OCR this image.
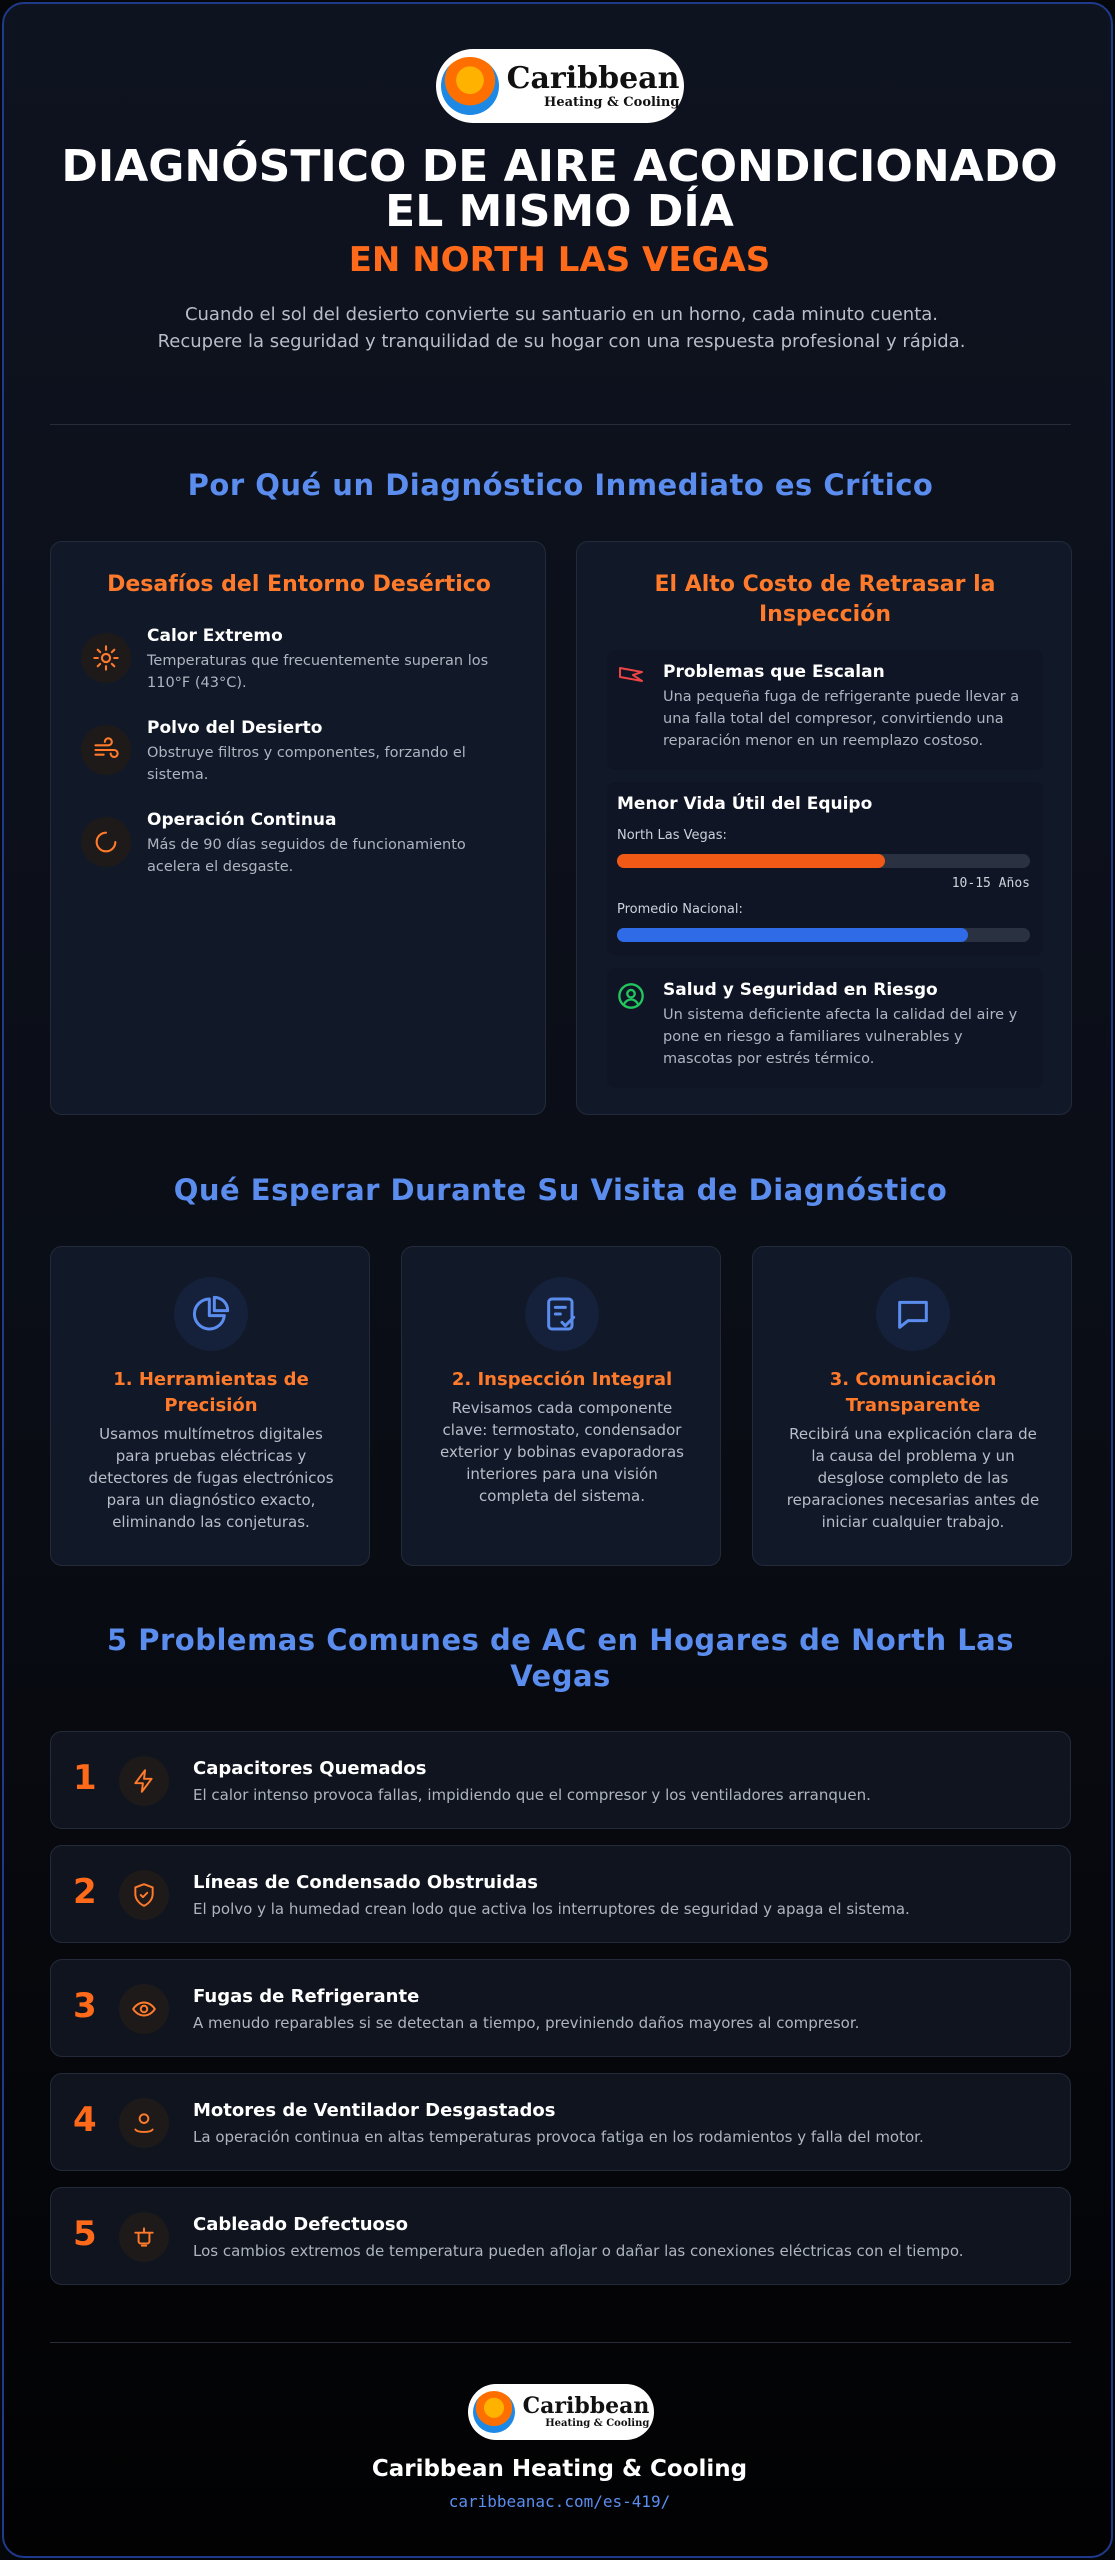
Caribbean
Heating & Cooling
DIAGNÓSTICO DE AIRE ACONDICIONADO
EL MISMO DÍA
EN NORTH LAS VEGAS
Cuando el sol del desierto convierte su santuario en un horno, cada minuto cuenta. Recupere la seguridad y tranquilidad de su hogar con una respuesta profesional y rápida.
Por Qué un Diagnóstico Inmediato es Crítico
Desafíos del Entorno Desértico
Calor Extremo
Temperaturas que frecuentemente superan los 110°F (43°C).
Polvo del Desierto
Obstruye filtros y componentes, forzando el sistema.
Operación Continua
Más de 90 días seguidos de funcionamiento acelera el desgaste.
El Alto Costo de Retrasar la Inspección
Problemas que Escalan
Una pequeña fuga de refrigerante puede llevar a una falla total del compresor, convirtiendo una reparación menor en un reemplazo costoso.
Menor Vida Útil del Equipo
North Las Vegas:
10-15 Años
Promedio Nacional:
Salud y Seguridad en Riesgo
Un sistema deficiente afecta la calidad del aire y pone en riesgo a familiares vulnerables y mascotas por estrés térmico.
Qué Esperar Durante Su Visita de Diagnóstico
1. Herramientas de Precisión
Usamos multímetros digitales para pruebas eléctricas y detectores de fugas electrónicos para un diagnóstico exacto, eliminando las conjeturas.
2. Inspección Integral
Revisamos cada componente clave: termostato, condensador exterior y bobinas evaporadoras interiores para una visión completa del sistema.
3. Comunicación Transparente
Recibirá una explicación clara de la causa del problema y un desglose completo de las reparaciones necesarias antes de iniciar cualquier trabajo.
5 Problemas Comunes de AC en Hogares de North Las
Vegas
1	Capacitores Quemados
El calor intenso provoca fallas, impidiendo que el compresor y los ventiladores arranquen.
2	Líneas de Condensado Obstruidas
El polvo y la humedad crean lodo que activa los interruptores de seguridad y apaga el sistema.
3	Fugas de Refrigerante
A menudo reparables si se detectan a tiempo, previniendo daños mayores al compresor.
4	Motores de Ventilador Desgastados
La operación continua en altas temperaturas provoca fatiga en los rodamientos y falla del motor.
5	Cableado Defectuoso
Los cambios extremos de temperatura pueden aflojar o dañar las conexiones eléctricas con el tiempo.
Caribbean
Heating & Cooling
Caribbean Heating & Cooling
caribbeanac.com/es-419/
